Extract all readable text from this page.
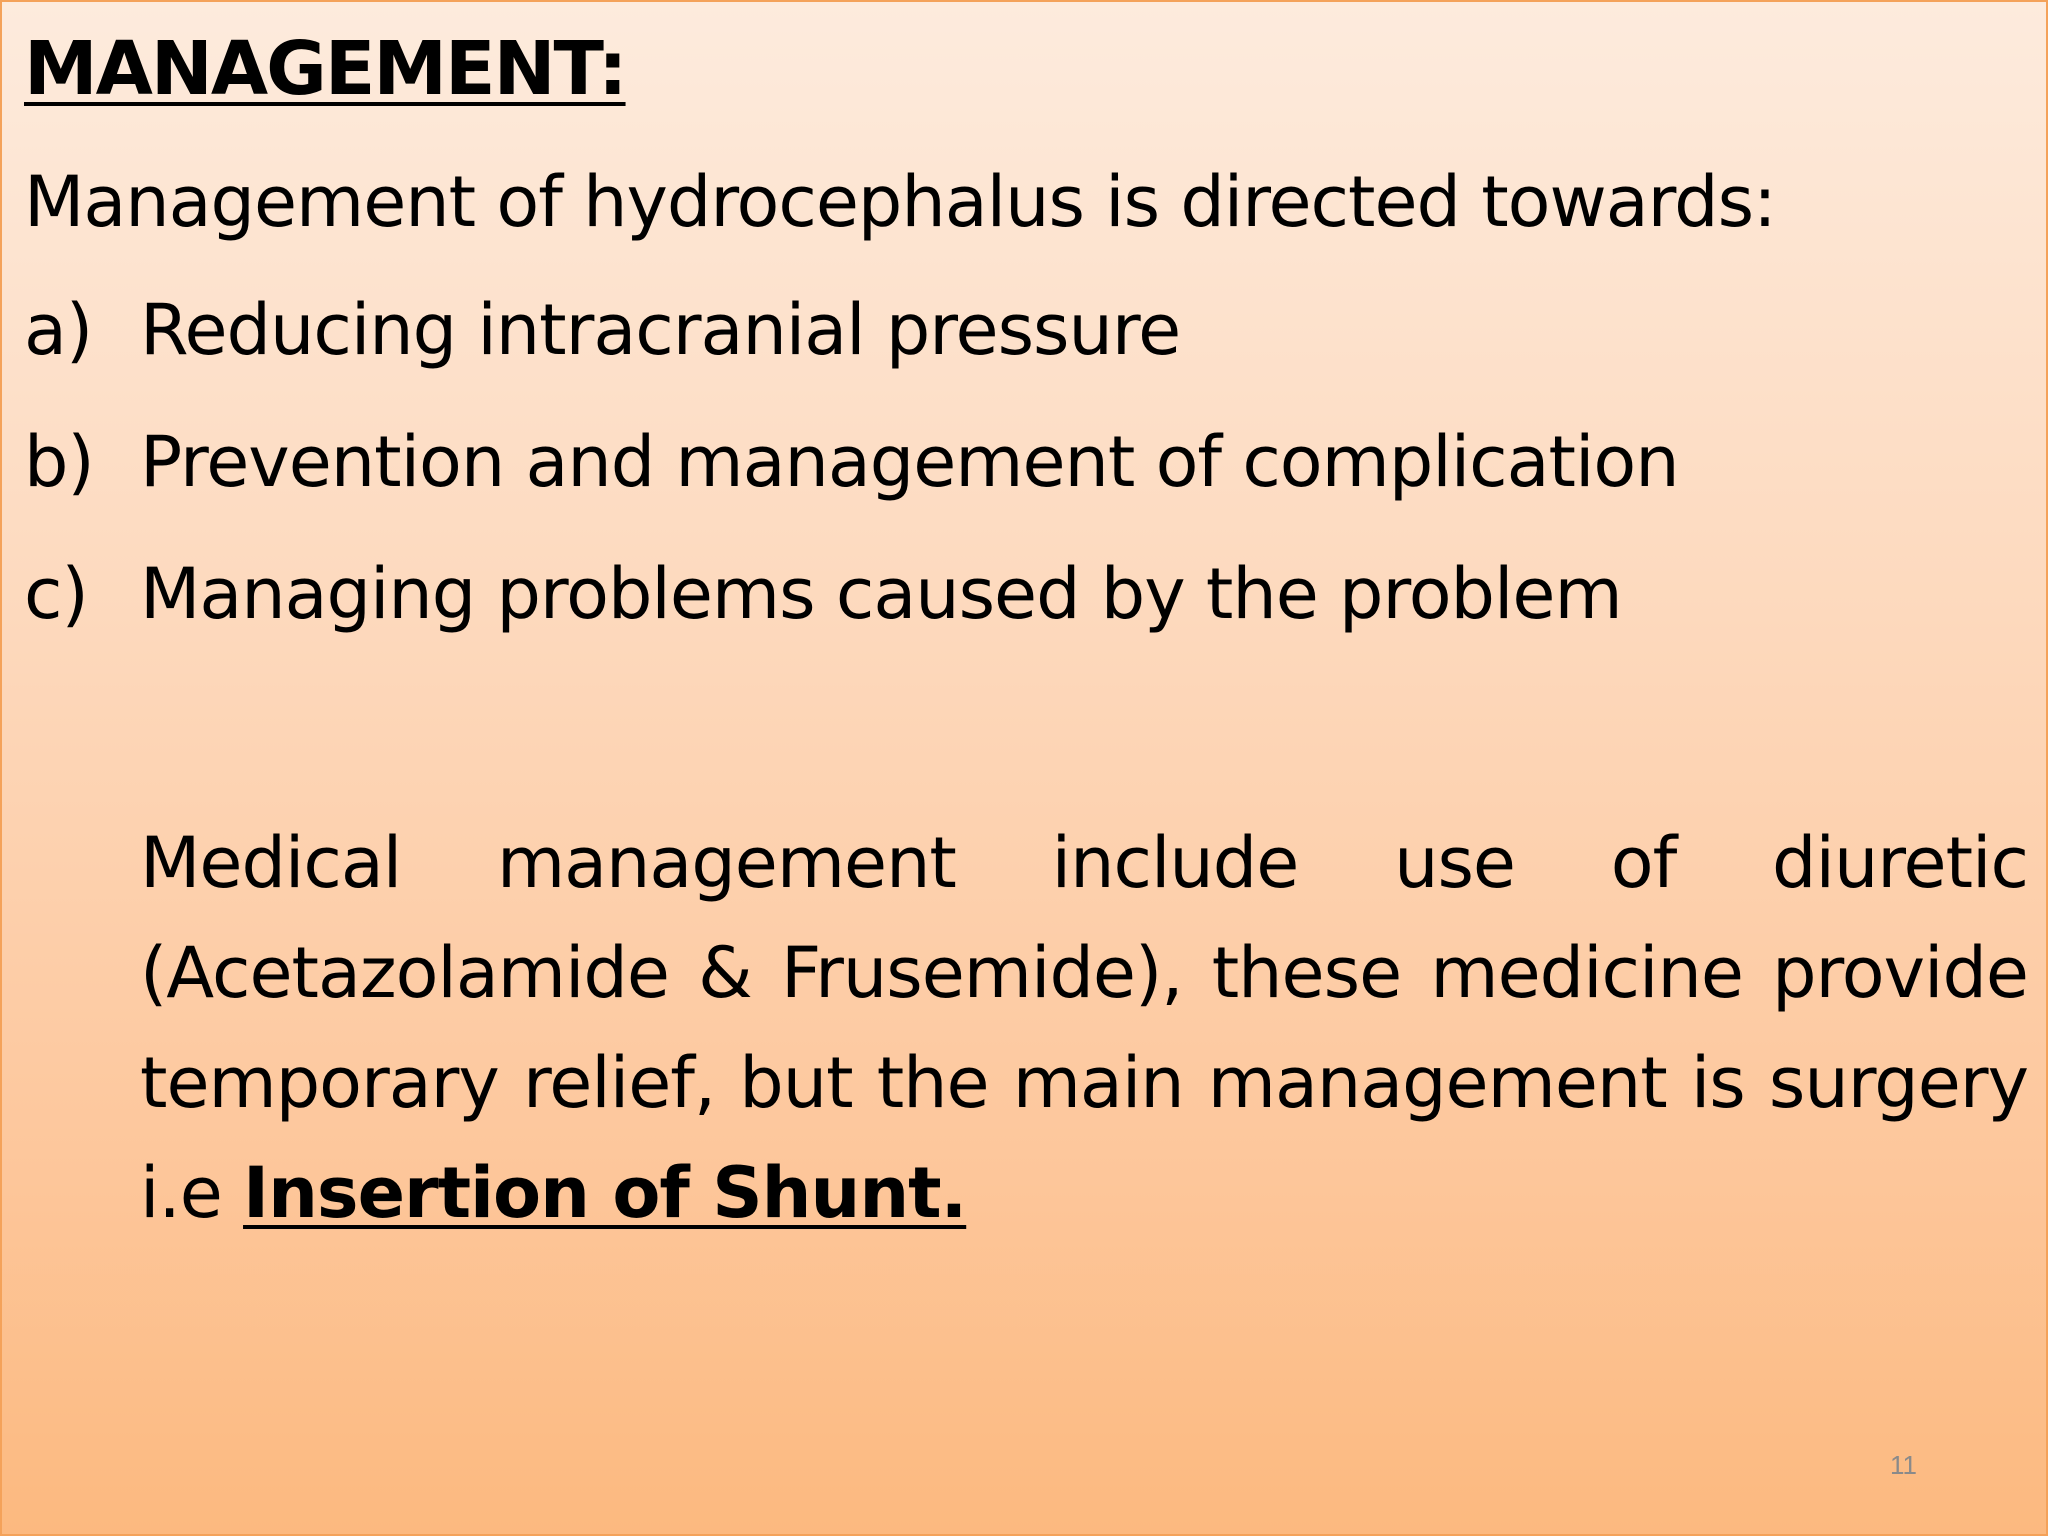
MANAGEMENT:
Management of hydrocephalus is directed towards:
a) Reducing intracranial pressure
b) Prevention and management of complication
c) Managing problems caused by the problem

Medical management include use of diuretic (Acetazolamide & Frusemide), these medicine provide temporary relief, but the main management is surgery i.e Insertion of Shunt.

11
